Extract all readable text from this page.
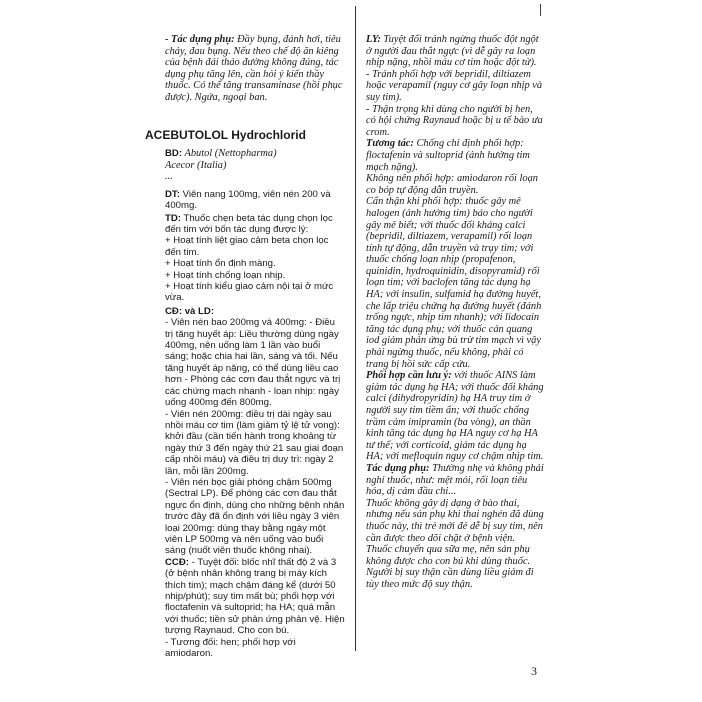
- Tác dụng phụ: Đầy bụng, đánh hơi, tiêu chảy, đau bụng. Nếu theo chế độ ăn kiêng của bệnh đái tháo đường không đúng, tác dụng phụ tăng lên, cần hỏi ý kiến thầy thuốc. Có thể tăng transaminase (hồi phục được). Ngứa, ngoại ban.

ACEBUTOLOL Hydrochlorid

BD: Abutol (Nettopharma)

Acecor (Italia)

...

DT: Viên nang 100mg, viên nén 200 và 400mg.

TD: Thuốc chẹn beta tác dụng chọn lọc đến tim với bốn tác dụng được lý:

+ Hoạt tính liệt giao cảm beta chọn lọc đến tim.

+ Hoạt tính ổn định màng.

+ Hoạt tính chống loạn nhịp.

+ Hoạt tính kiểu giao cảm nội tại ở mức vừa.

CĐ: và LD:

- Viên nén bao 200mg và 400mg: - Điều trị tăng huyết áp: Liều thường dùng ngày 400mg, nên uống làm 1 lần vào buổi sáng; hoặc chia hai lần, sáng và tối. Nếu tăng huyết áp nặng, có thể dùng liều cao hơn - Phòng các cơn đau thắt ngực và trị các chứng mạch nhanh - loạn nhịp: ngày uống 400mg đến 800mg.

- Viên nén 200mg: điều trị dài ngày sau nhồi máu cơ tim (làm giảm tỷ lệ tử vong): khởi đầu (cần tiến hành trong khoảng từ ngày thứ 3 đến ngày thứ 21 sau giai đoạn cấp nhồi máu) và điều trị duy trì: ngày 2 lần, mỗi lần 200mg.

- Viên nén bọc giải phóng chậm 500mg (Sectral LP). Để phòng các cơn đau thắt ngực ổn định, dùng cho những bệnh nhân trước đây đã ổn định với liều ngày 3 viên loại 200mg: dùng thay bằng ngày một viên LP 500mg và nên uống vào buổi sáng (nuốt viên thuốc không nhai).

CCĐ: - Tuyệt đối: blốc nhĩ thất độ 2 và 3 (ở bệnh nhân không trang bị máy kích thích tim); mạch chậm đáng kể (dưới 50 nhịp/phút); suy tim mất bù; phối hợp với floctafenin và sultoprid; hạ HA; quá mẫn với thuốc; tiền sử phản ứng phản vệ. Hiện tượng Raynaud. Cho con bú.

- Tương đối: hen; phối hợp với amiodaron.

LY: Tuyệt đối tránh ngừng thuốc đột ngột ở người đau thắt ngực (vì dễ gây ra loạn nhịp nặng, nhồi máu cơ tim hoặc đột tử).

- Tránh phối hợp với bepridil, diltiazem hoặc verapamil (nguy cơ gây loạn nhịp và suy tim).

- Thận trọng khi dùng cho người bị hen, có hội chứng Raynaud hoặc bị u tế bào ưa crom.

Tương tác: Chống chỉ định phối hợp: floctafenin và sultoprid (ảnh hưởng tim mạch nặng).

Không nên phối hợp: amiodaron rối loạn co bóp tự động dẫn truyền.

Cẩn thận khi phối hợp: thuốc gây mê halogen (ảnh hưởng tim) báo cho người gây mê biết; với thuốc đối kháng calci (bepridil, diltiazem, verapamil) rối loạn tính tự động, dẫn truyền và trụy tim; với thuốc chống loạn nhịp (propafenon, quinidin, hydroquinidin, disopyramid) rối loạn tim; với baclofen tăng tác dụng hạ HA; với insulin, sulfamid hạ đường huyết, che lấp triệu chứng hạ đường huyết (đánh trống ngực, nhịp tim nhanh); với lidocain tăng tác dụng phụ; với thuốc cản quang iod giảm phản ứng bù trừ tim mạch vì vậy phải ngừng thuốc, nếu không, phải có trang bị hồi sức cấp cứu.

Phối hợp cần lưu ý: với thuốc AINS làm giảm tác dụng hạ HA; với thuốc đối kháng calci (dihydropyridin) hạ HA truy tim ở người suy tim tiềm ẩn; với thuốc chống trầm cảm imipramin (ba vòng), an thần kinh tăng tác dụng hạ HA nguy cơ hạ HA tư thế; với corticoid, giảm tác dụng hạ HA; với mefloquin nguy cơ chậm nhịp tim.

Tác dụng phụ: Thường nhẹ và không phải nghỉ thuốc, như: mệt mỏi, rối loạn tiêu hóa, dị cảm đầu chi...

Thuốc không gây dị dạng ở bào thai, nhưng nếu sản phụ khi thai nghén đã dùng thuốc này, thì trẻ mới đẻ dễ bị suy tim, nên cần được theo dõi chặt ở bệnh viện.

Thuốc chuyển qua sữa mẹ, nên sản phụ không được cho con bú khi dùng thuốc.

Người bị suy thận cần dùng liều giảm đi tùy theo mức độ suy thận.

3
